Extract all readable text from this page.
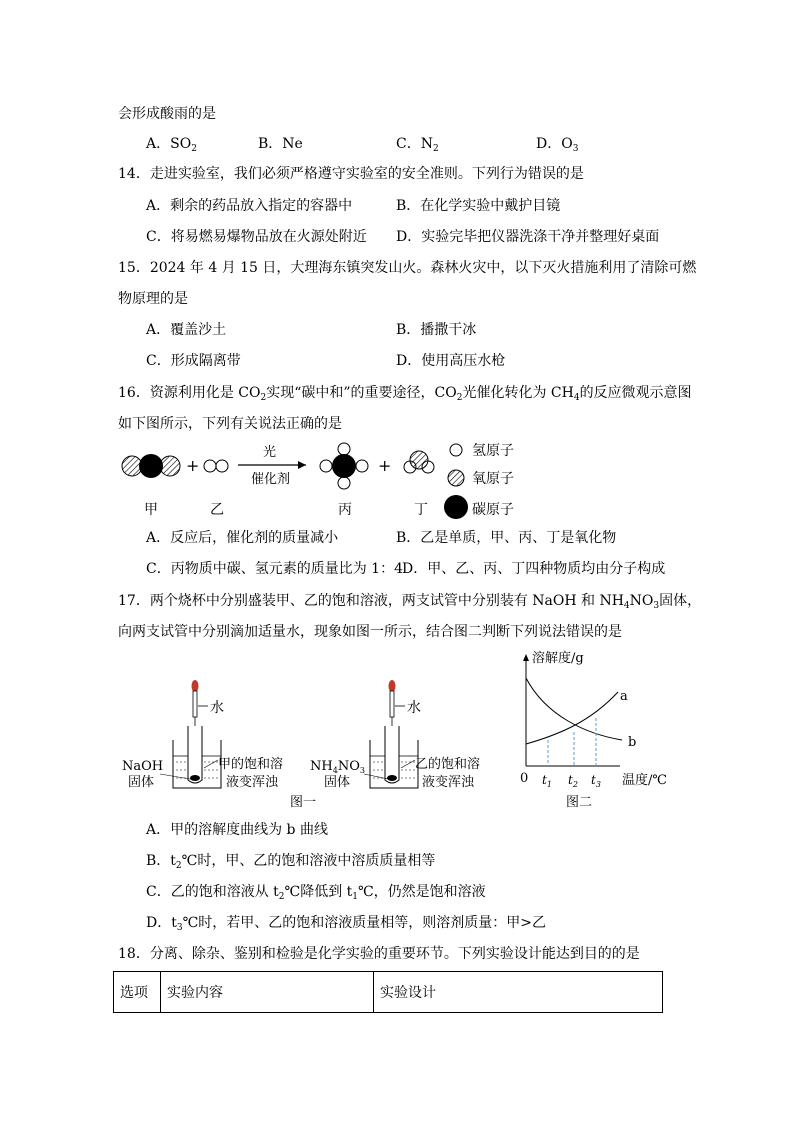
会形成酸雨的是
A．$SO_2$	B．Ne	C．$N_2$	D．$O_3$
14．走进实验室，我们必须严格遵守实验室的安全准则。下列行为错误的是
A．剩余的药品放入指定的容器中	B．在化学实验中戴护目镜
C．将易燃易爆物品放在火源处附近 D．实验完毕把仪器洗涤干净并整理好桌面
15．2024 年 4 月 15 日，大理海东镇突发山火。森林火灾中，以下灭火措施利用了清除可燃
物原理的是
A．覆盖沙土	B．播撒干冰
C．形成隔离带	D．使用高压水枪
16．资源利用化是 $CO_2$实现“碳中和”的重要途径，$CO_2$光催化转化为 $CH_4$的反应微观示意图
如下图所示，下列有关说法正确的是
+
光
催化剂
+
甲	乙	丙	丁
氢原子
氧原子
碳原子
A．反应后，催化剂的质量减小	B．乙是单质，甲、丙、丁是氧化物
C．丙物质中碳、氢元素的质量比为 1：4 D．甲、乙、丙、丁四种物质均由分子构成
17．两个烧杯中分别盛装甲、乙的饱和溶液，两支试管中分别装有 NaOH 和 $NH_4NO_3$固体，
向两支试管中分别滴加适量水，现象如图一所示，结合图二判断下列说法错误的是
水
NaOH
固体
甲的饱和溶
液变浑浊
水
$NH_4NO_3$
固体
乙的饱和溶
液变浑浊
图一
溶解度/g
0	温度/℃
a
b
$t_1$ $t_2$ $t_3$
图二
A．甲的溶解度曲线为 b 曲线
B．$t_2℃$时，甲、乙的饱和溶液中溶质质量相等
C．乙的饱和溶液从 $t_2℃$降低到 $t_1℃$，仍然是饱和溶液
D．$t_3℃$时，若甲、乙的饱和溶液质量相等，则溶剂质量：甲>乙
18．分离、除杂、鉴别和检验是化学实验的重要环节。下列实验设计能达到目的的是
选项	实验内容	实验设计
